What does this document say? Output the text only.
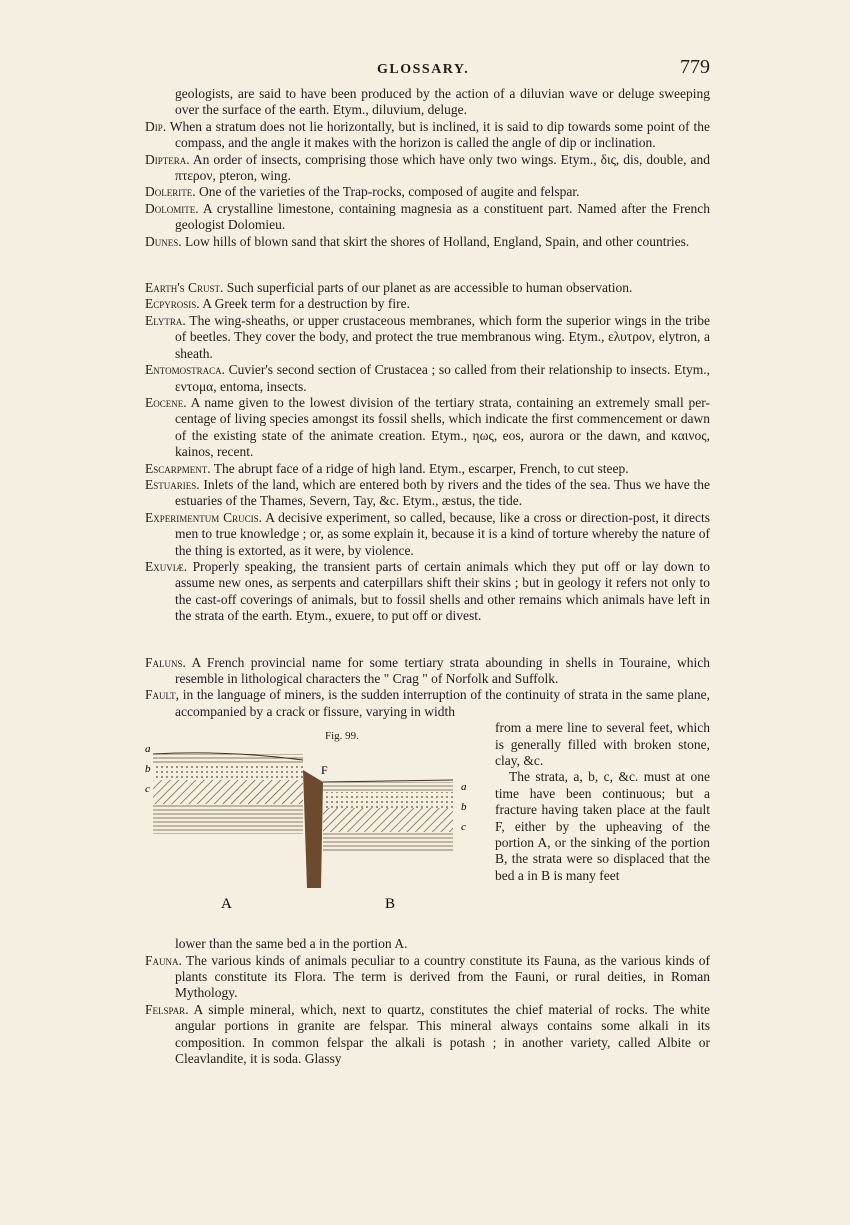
GLOSSARY.	779

geologists, are said to have been produced by the action of a diluvian wave or deluge sweeping over the surface of the earth. Etym., diluvium, deluge.

Dip. When a stratum does not lie horizontally, but is inclined, it is said to dip towards some point of the compass, and the angle it makes with the horizon is called the angle of dip or inclination.

Diptera. An order of insects, comprising those which have only two wings. Etym., δις, dis, double, and πτερον, pteron, wing.

Dolerite. One of the varieties of the Trap-rocks, composed of augite and felspar.

Dolomite. A crystalline limestone, containing magnesia as a constituent part. Named after the French geologist Dolomieu.

Dunes. Low hills of blown sand that skirt the shores of Holland, England, Spain, and other countries.

Earth's Crust. Such superficial parts of our planet as are accessible to human observation.

Ecpyrosis. A Greek term for a destruction by fire.

Elytra. The wing-sheaths, or upper crustaceous membranes, which form the superior wings in the tribe of beetles. They cover the body, and protect the true membranous wing. Etym., ελυτρον, elytron, a sheath.

Entomostraca. Cuvier's second section of Crustacea ; so called from their relationship to insects. Etym., εντομα, entoma, insects.

Eocene. A name given to the lowest division of the tertiary strata, containing an extremely small per-centage of living species amongst its fossil shells, which indicate the first commencement or dawn of the existing state of the animate creation. Etym., ηως, eos, aurora or the dawn, and καινος, kainos, recent.

Escarpment. The abrupt face of a ridge of high land. Etym., escarper, French, to cut steep.

Estuaries. Inlets of the land, which are entered both by rivers and the tides of the sea. Thus we have the estuaries of the Thames, Severn, Tay, &c. Etym., æstus, the tide.

Experimentum Crucis. A decisive experiment, so called, because, like a cross or direction-post, it directs men to true knowledge ; or, as some explain it, because it is a kind of torture whereby the nature of the thing is extorted, as it were, by violence.

Exuviæ. Properly speaking, the transient parts of certain animals which they put off or lay down to assume new ones, as serpents and caterpillars shift their skins ; but in geology it refers not only to the cast-off coverings of animals, but to fossil shells and other remains which animals have left in the strata of the earth. Etym., exuere, to put off or divest.

Faluns. A French provincial name for some tertiary strata abounding in shells in Touraine, which resemble in lithological characters the " Crag " of Norfolk and Suffolk.

Fault, in the language of miners, is the sudden interruption of the continuity of strata in the same plane, accompanied by a crack or fissure, varying in width

Fig. 99.
a
b
c	a
b
c
F
A	B

from a mere line to several feet, which is generally filled with broken stone, clay, &c.

The strata, a, b, c, &c. must at one time have been continuous; but a fracture having taken place at the fault F, either by the upheaving of the portion A, or the sinking of the portion B, the strata were so displaced that the bed a in B is many feet

lower than the same bed a in the portion A.

Fauna. The various kinds of animals peculiar to a country constitute its Fauna, as the various kinds of plants constitute its Flora. The term is derived from the Fauni, or rural deities, in Roman Mythology.

Felspar. A simple mineral, which, next to quartz, constitutes the chief material of rocks. The white angular portions in granite are felspar. This mineral always contains some alkali in its composition. In common felspar the alkali is potash ; in another variety, called Albite or Cleavlandite, it is soda. Glassy
